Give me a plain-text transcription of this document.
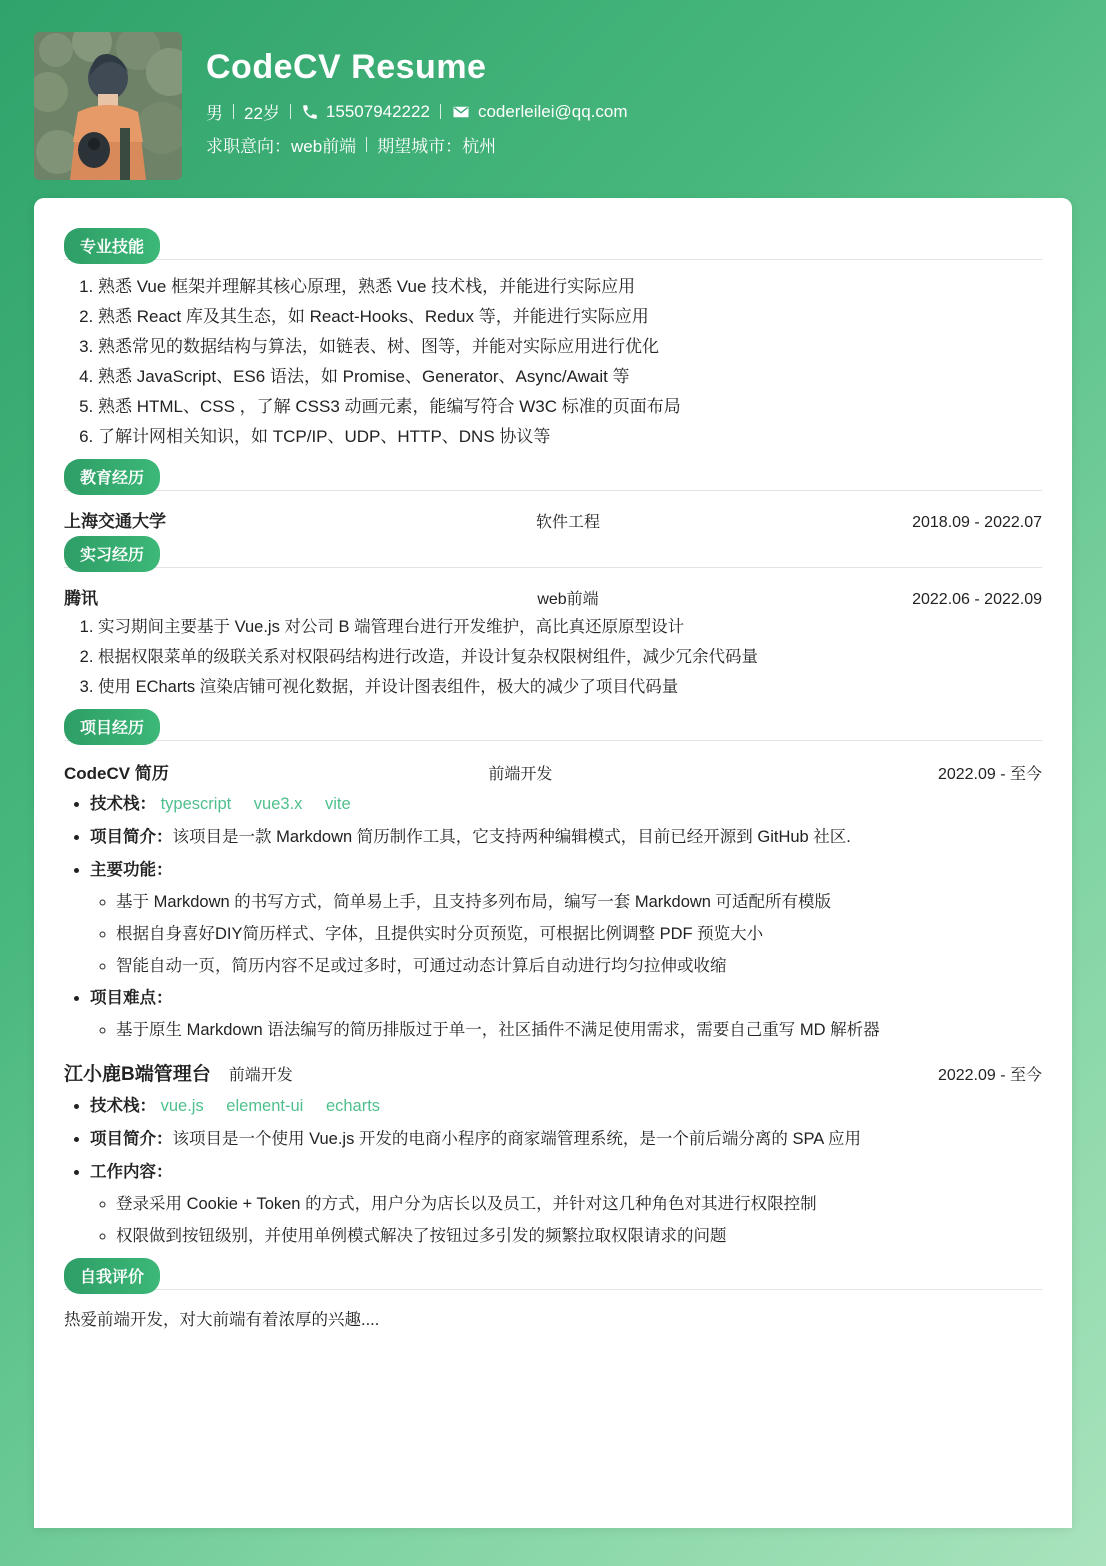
CodeCV Resume
男 22岁	15507942222	coderleilei@qq.com
求职意向：web前端 期望城市：杭州
专业技能
1. 熟悉 Vue 框架并理解其核心原理，熟悉 Vue 技术栈，并能进行实际应用
2. 熟悉 React 库及其生态，如 React-Hooks、Redux 等，并能进行实际应用
3. 熟悉常见的数据结构与算法，如链表、树、图等，并能对实际应用进行优化
4. 熟悉 JavaScript、ES6 语法，如 Promise、Generator、Async/Await 等
5. 熟悉 HTML、CSS ，了解 CSS3 动画元素，能编写符合 W3C 标准的页面布局
6. 了解计网相关知识，如 TCP/IP、UDP、HTTP、DNS 协议等
教育经历
上海交通大学	软件工程	2018.09 - 2022.07
实习经历
腾讯	web前端	2022.06 - 2022.09
1. 实习期间主要基于 Vue.js 对公司 B 端管理台进行开发维护，高比真还原原型设计
2. 根据权限菜单的级联关系对权限码结构进行改造，并设计复杂权限树组件，减少冗余代码量
3. 使用 ECharts 渲染店铺可视化数据，并设计图表组件，极大的减少了项目代码量
项目经历
CodeCV 简历	前端开发	2022.09 - 至今
• 技术栈： typescript vue3.x vite
• 项目简介：该项目是一款 Markdown 简历制作工具，它支持两种编辑模式，目前已经开源到 GitHub 社区.
• 主要功能：
◦ 基于 Markdown 的书写方式，简单易上手，且支持多列布局，编写一套 Markdown 可适配所有模版
◦ 根据自身喜好DIY简历样式、字体，且提供实时分页预览，可根据比例调整 PDF 预览大小
◦ 智能自动一页，简历内容不足或过多时，可通过动态计算后自动进行均匀拉伸或收缩
• 项目难点：
◦ 基于原生 Markdown 语法编写的简历排版过于单一，社区插件不满足使用需求，需要自己重写 MD 解析器
江小鹿B端管理台	前端开发	2022.09 - 至今
• 技术栈： vue.js element-ui echarts
• 项目简介：该项目是一个使用 Vue.js 开发的电商小程序的商家端管理系统，是一个前后端分离的 SPA 应用
• 工作内容：
◦ 登录采用 Cookie + Token 的方式，用户分为店长以及员工，并针对这几种角色对其进行权限控制
◦ 权限做到按钮级别，并使用单例模式解决了按钮过多引发的频繁拉取权限请求的问题
自我评价

热爱前端开发，对大前端有着浓厚的兴趣....
